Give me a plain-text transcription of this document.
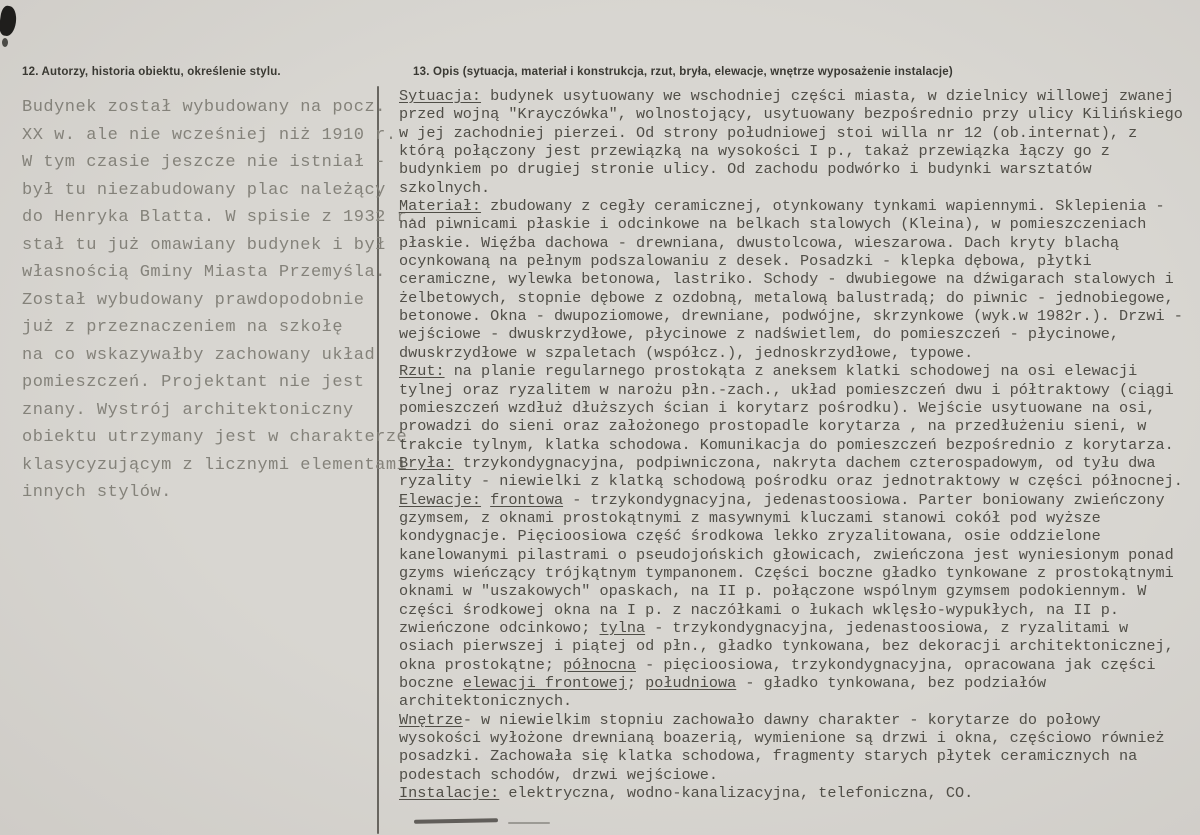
12. Autorzy, historia obiektu, określenie stylu.	13. Opis (sytuacja, materiał i konstrukcja, rzut, bryła, elewacje, wnętrze wyposażenie instalacje)
Budynek został wybudowany na pocz.
XX w. ale nie wcześniej niż 1910 r.
W tym czasie jeszcze nie istniał -
był tu niezabudowany plac należący
do Henryka Blatta. W spisie z 1932 r.
stał tu już omawiany budynek i był
własnością Gminy Miasta Przemyśla.
Został wybudowany prawdopodobnie
już z przeznaczeniem na szkołę
na co wskazywałby zachowany układ
pomieszczeń. Projektant nie jest
znany. Wystrój architektoniczny
obiektu utrzymany jest w charakterze
klasycyzującym z licznymi elementami
innych stylów.
Sytuacja: budynek usytuowany we wschodniej części miasta, w dzielnicy willowej zwanej przed wojną "Krayczówka", wolnostojący, usytuowany bezpośrednio przy ulicy Kilińskiego w jej zachodniej pierzei. Od strony południowej stoi willa nr 12 (ob.internat), z którą połączony jest przewiązką na wysokości I p., takaż przewiązka łączy go z budynkiem po drugiej stronie ulicy. Od zachodu podwórko i budynki warsztatów szkolnych.
Materiał: zbudowany z cegły ceramicznej, otynkowany tynkami wapiennymi. Sklepienia - nad piwnicami płaskie i odcinkowe na belkach stalowych (Kleina), w pomieszczeniach płaskie. Więźba dachowa - drewniana, dwustolcowa, wieszarowa. Dach kryty blachą ocynkowaną na pełnym podszalowaniu z desek. Posadzki - klepka dębowa, płytki ceramiczne, wylewka betonowa, lastriko. Schody - dwubiegowe na dźwigarach stalowych i żelbetowych, stopnie dębowe z ozdobną, metalową balustradą; do piwnic - jednobiegowe, betonowe. Okna - dwupoziomowe, drewniane, podwójne, skrzynkowe (wyk.w 1982r.). Drzwi - wejściowe - dwuskrzydłowe, płycinowe z nadświetlem, do pomieszczeń - płycinowe, dwuskrzydłowe w szpaletach (współcz.), jednoskrzydłowe, typowe.
Rzut: na planie regularnego prostokąta z aneksem klatki schodowej na osi elewacji tylnej oraz ryzalitem w narożu płn.-zach., układ pomieszczeń dwu i półtraktowy (ciągi pomieszczeń wzdłuż dłuższych ścian i korytarz pośrodku). Wejście usytuowane na osi, prowadzi do sieni oraz założonego prostopadle korytarza , na przedłużeniu sieni, w trakcie tylnym, klatka schodowa. Komunikacja do pomieszczeń bezpośrednio z korytarza.
Bryła: trzykondygnacyjna, podpiwniczona, nakryta dachem czterospadowym, od tyłu dwa ryzality - niewielki z klatką schodową pośrodku oraz jednotraktowy w części północnej.
Elewacje: frontowa - trzykondygnacyjna, jedenastoosiowa. Parter boniowany zwieńczony gzymsem, z oknami prostokątnymi z masywnymi kluczami stanowi cokół pod wyższe kondygnacje. Pięcioosiowa część środkowa lekko zryzalitowana, osie oddzielone kanelowanymi pilastrami o pseudojońskich głowicach, zwieńczona jest wyniesionym ponad gzyms wieńczący trójkątnym tympanonem. Części boczne gładko tynkowane z prostokątnymi oknami w "uszakowych" opaskach, na II p. połączone wspólnym gzymsem podokiennym. W części środkowej okna na I p. z naczółkami o łukach wklęsło-wypukłych, na II p. zwieńczone odcinkowo; tylna - trzykondygnacyjna, jedenastoosiowa, z ryzalitami w osiach pierwszej i piątej od płn., gładko tynkowana, bez dekoracji architektonicznej, okna prostokątne; północna - pięcioosiowa, trzykondygnacyjna, opracowana jak części boczne elewacji frontowej; południowa - gładko tynkowana, bez podziałów architektonicznych.
Wnętrze- w niewielkim stopniu zachowało dawny charakter - korytarze do połowy wysokości wyłożone drewnianą boazerią, wymienione są drzwi i okna, częściowo również posadzki. Zachowała się klatka schodowa, fragmenty starych płytek ceramicznych na podestach schodów, drzwi wejściowe.
Instalacje: elektryczna, wodno-kanalizacyjna, telefoniczna, CO.
